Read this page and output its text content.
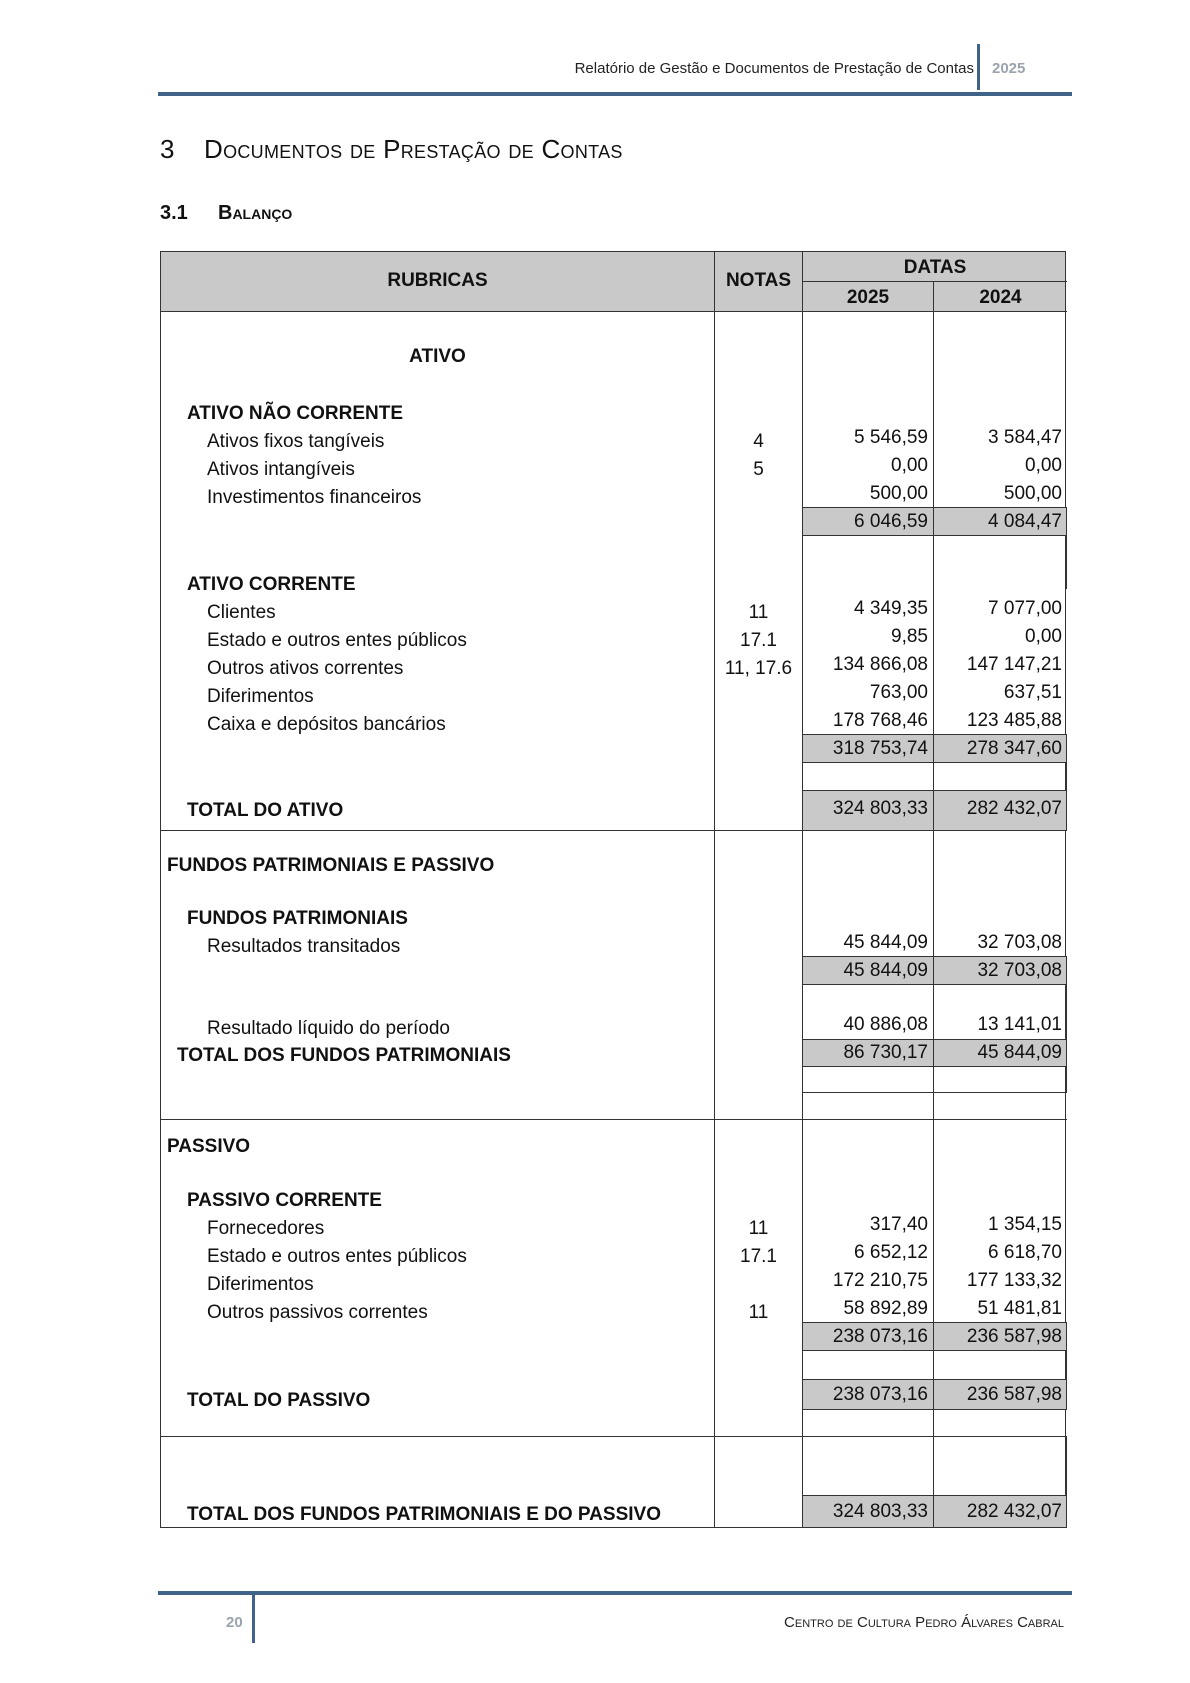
Relatório de Gestão e Documentos de Prestação de Contas 2025
3 Documentos de Prestação de Contas
3.1 Balanço
RUBRICAS	NOTAS
DATAS
2025	2024
ATIVO
ATIVO NÃO CORRENTE
Ativos fixos tangíveis	4	5 546,59	3 584,47
Ativos intangíveis	5	0,00	0,00
Investimentos financeiros	500,00	500,00
6 046,59	4 084,47
ATIVO CORRENTE
Clientes	11	4 349,35	7 077,00
Estado e outros entes públicos	17.1	9,85	0,00
Outros ativos correntes	11, 17.6	134 866,08	147 147,21
Diferimentos	763,00	637,51
Caixa e depósitos bancários	178 768,46	123 485,88
318 753,74	278 347,60
TOTAL DO ATIVO	324 803,33	282 432,07
FUNDOS PATRIMONIAIS E PASSIVO
FUNDOS PATRIMONIAIS
Resultados transitados	45 844,09	32 703,08
45 844,09	32 703,08
Resultado líquido do período	40 886,08	13 141,01
TOTAL DOS FUNDOS PATRIMONIAIS	86 730,17	45 844,09
PASSIVO
PASSIVO CORRENTE
Fornecedores	11	317,40	1 354,15
Estado e outros entes públicos	17.1	6 652,12	6 618,70
Diferimentos	172 210,75	177 133,32
Outros passivos correntes	11	58 892,89	51 481,81
238 073,16	236 587,98
TOTAL DO PASSIVO	238 073,16	236 587,98
TOTAL DOS FUNDOS PATRIMONIAIS E DO PASSIVO	324 803,33	282 432,07
20	Centro de Cultura Pedro Álvares Cabral
